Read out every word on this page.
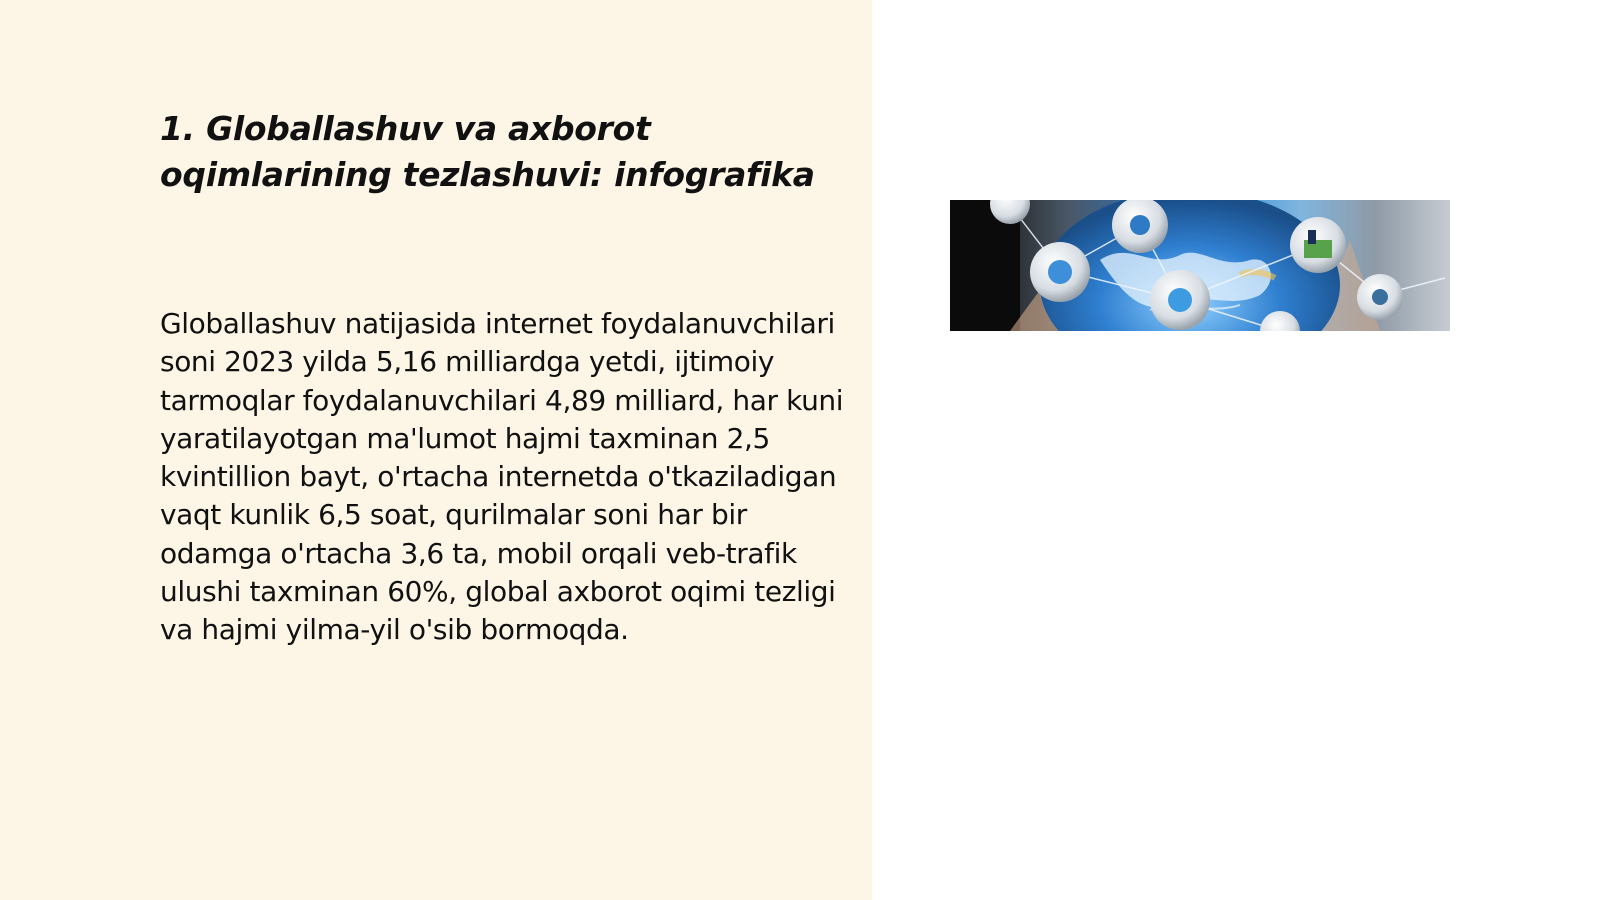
1. Globallashuv va axborot oqimlarining tezlashuvi: infografika

Globallashuv natijasida internet foydalanuvchilari soni 2023 yilda 5,16 milliardga yetdi, ijtimoiy tarmoqlar foydalanuvchilari 4,89 milliard, har kuni yaratilayotgan ma'lumot hajmi taxminan 2,5 kvintillion bayt, o'rtacha internetda o'tkaziladigan vaqt kunlik 6,5 soat, qurilmalar soni har bir odamga o'rtacha 3,6 ta, mobil orqali veb-trafik ulushi taxminan 60%, global axborot oqimi tezligi va hajmi yilma-yil o'sib bormoqda.
